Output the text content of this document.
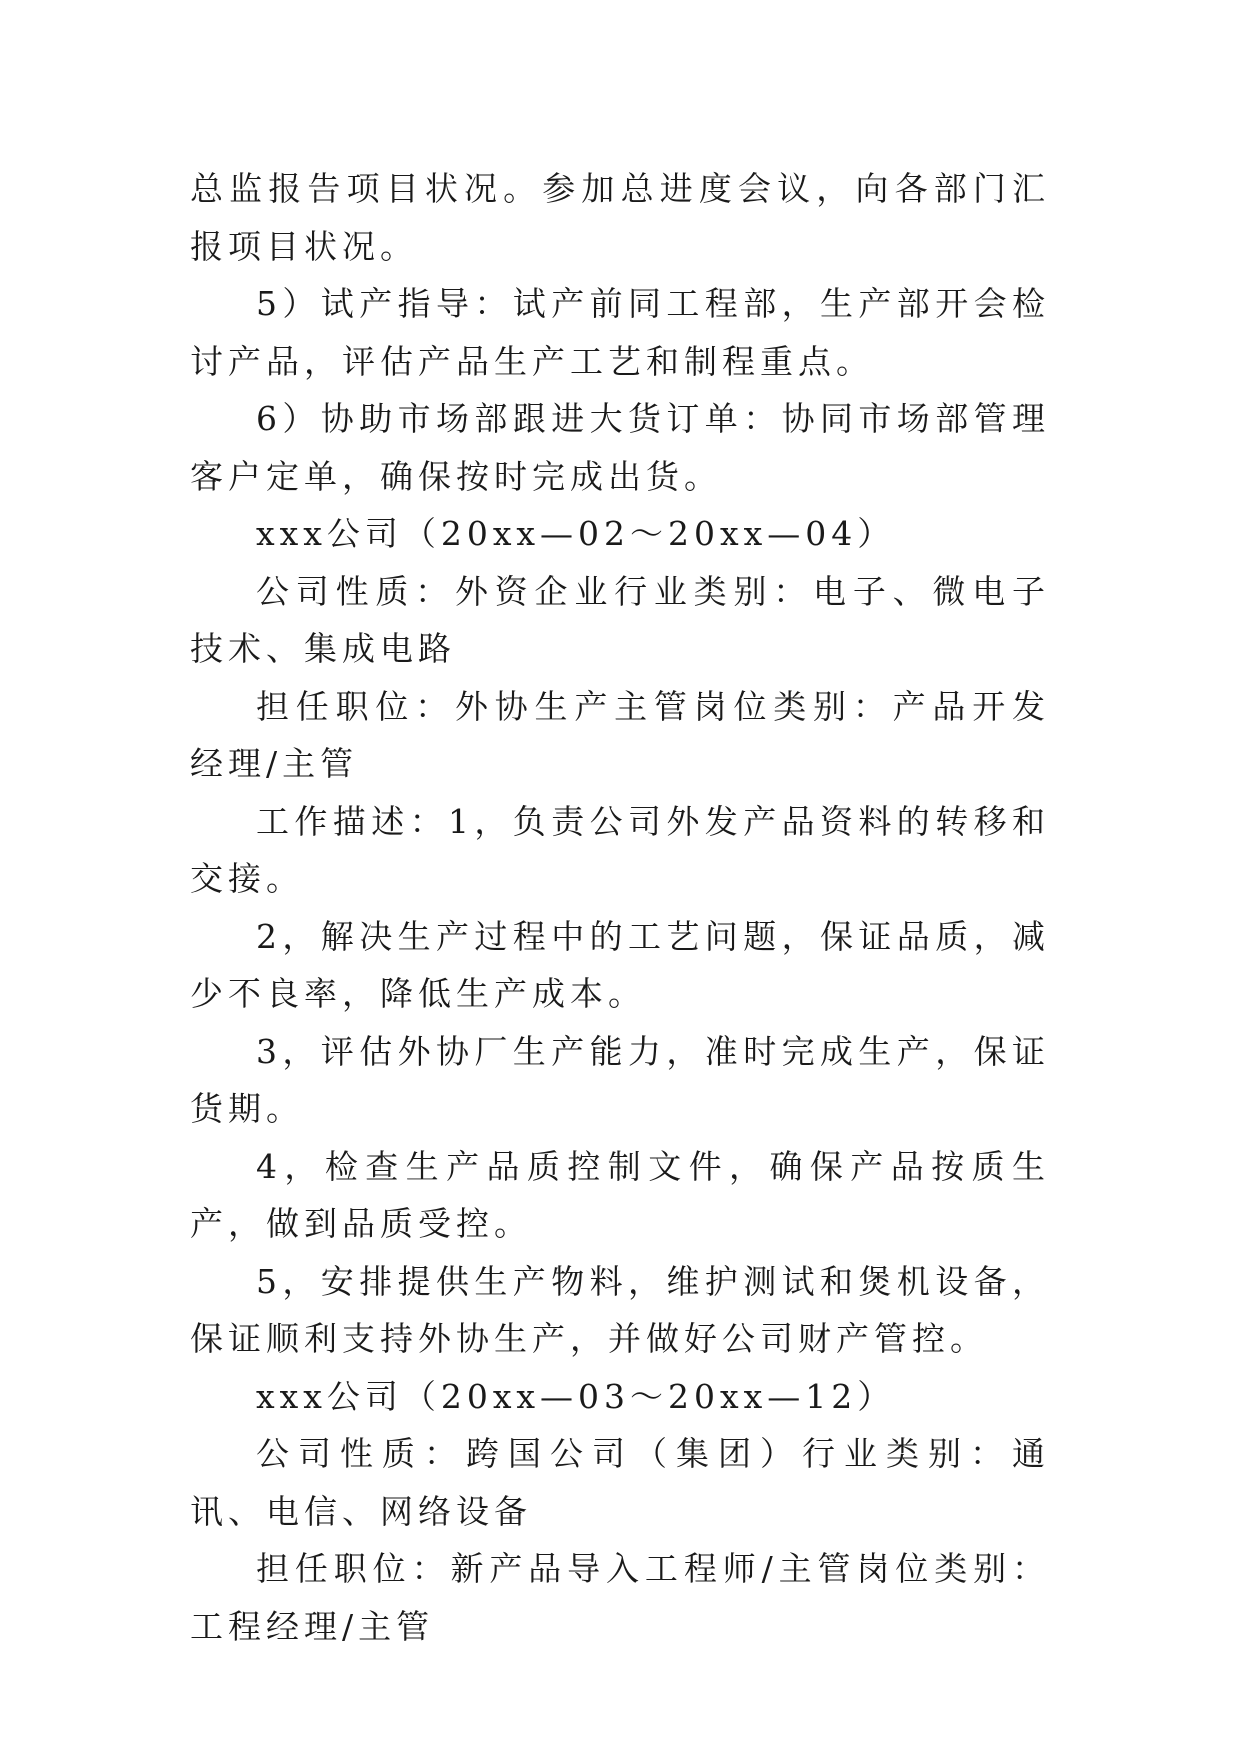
总监报告项目状况。参加总进度会议，向各部门汇报项目状况。

5）试产指导：试产前同工程部，生产部开会检讨产品，评估产品生产工艺和制程重点。

6）协助市场部跟进大货订单：协同市场部管理客户定单，确保按时完成出货。

xxx公司（20xx—02～20xx—04）

公司性质：外资企业行业类别：电子、微电子技术、集成电路

担任职位：外协生产主管岗位类别：产品开发经理/主管

工作描述：1，负责公司外发产品资料的转移和交接。

2，解决生产过程中的工艺问题，保证品质，减少不良率，降低生产成本。

3，评估外协厂生产能力，准时完成生产，保证货期。

4，检查生产品质控制文件，确保产品按质生产，做到品质受控。

5，安排提供生产物料，维护测试和煲机设备，保证顺利支持外协生产，并做好公司财产管控。

xxx公司（20xx—03～20xx—12）

公司性质：跨国公司（集团）行业类别：通讯、电信、网络设备

担任职位：新产品导入工程师/主管岗位类别：工程经理/主管
